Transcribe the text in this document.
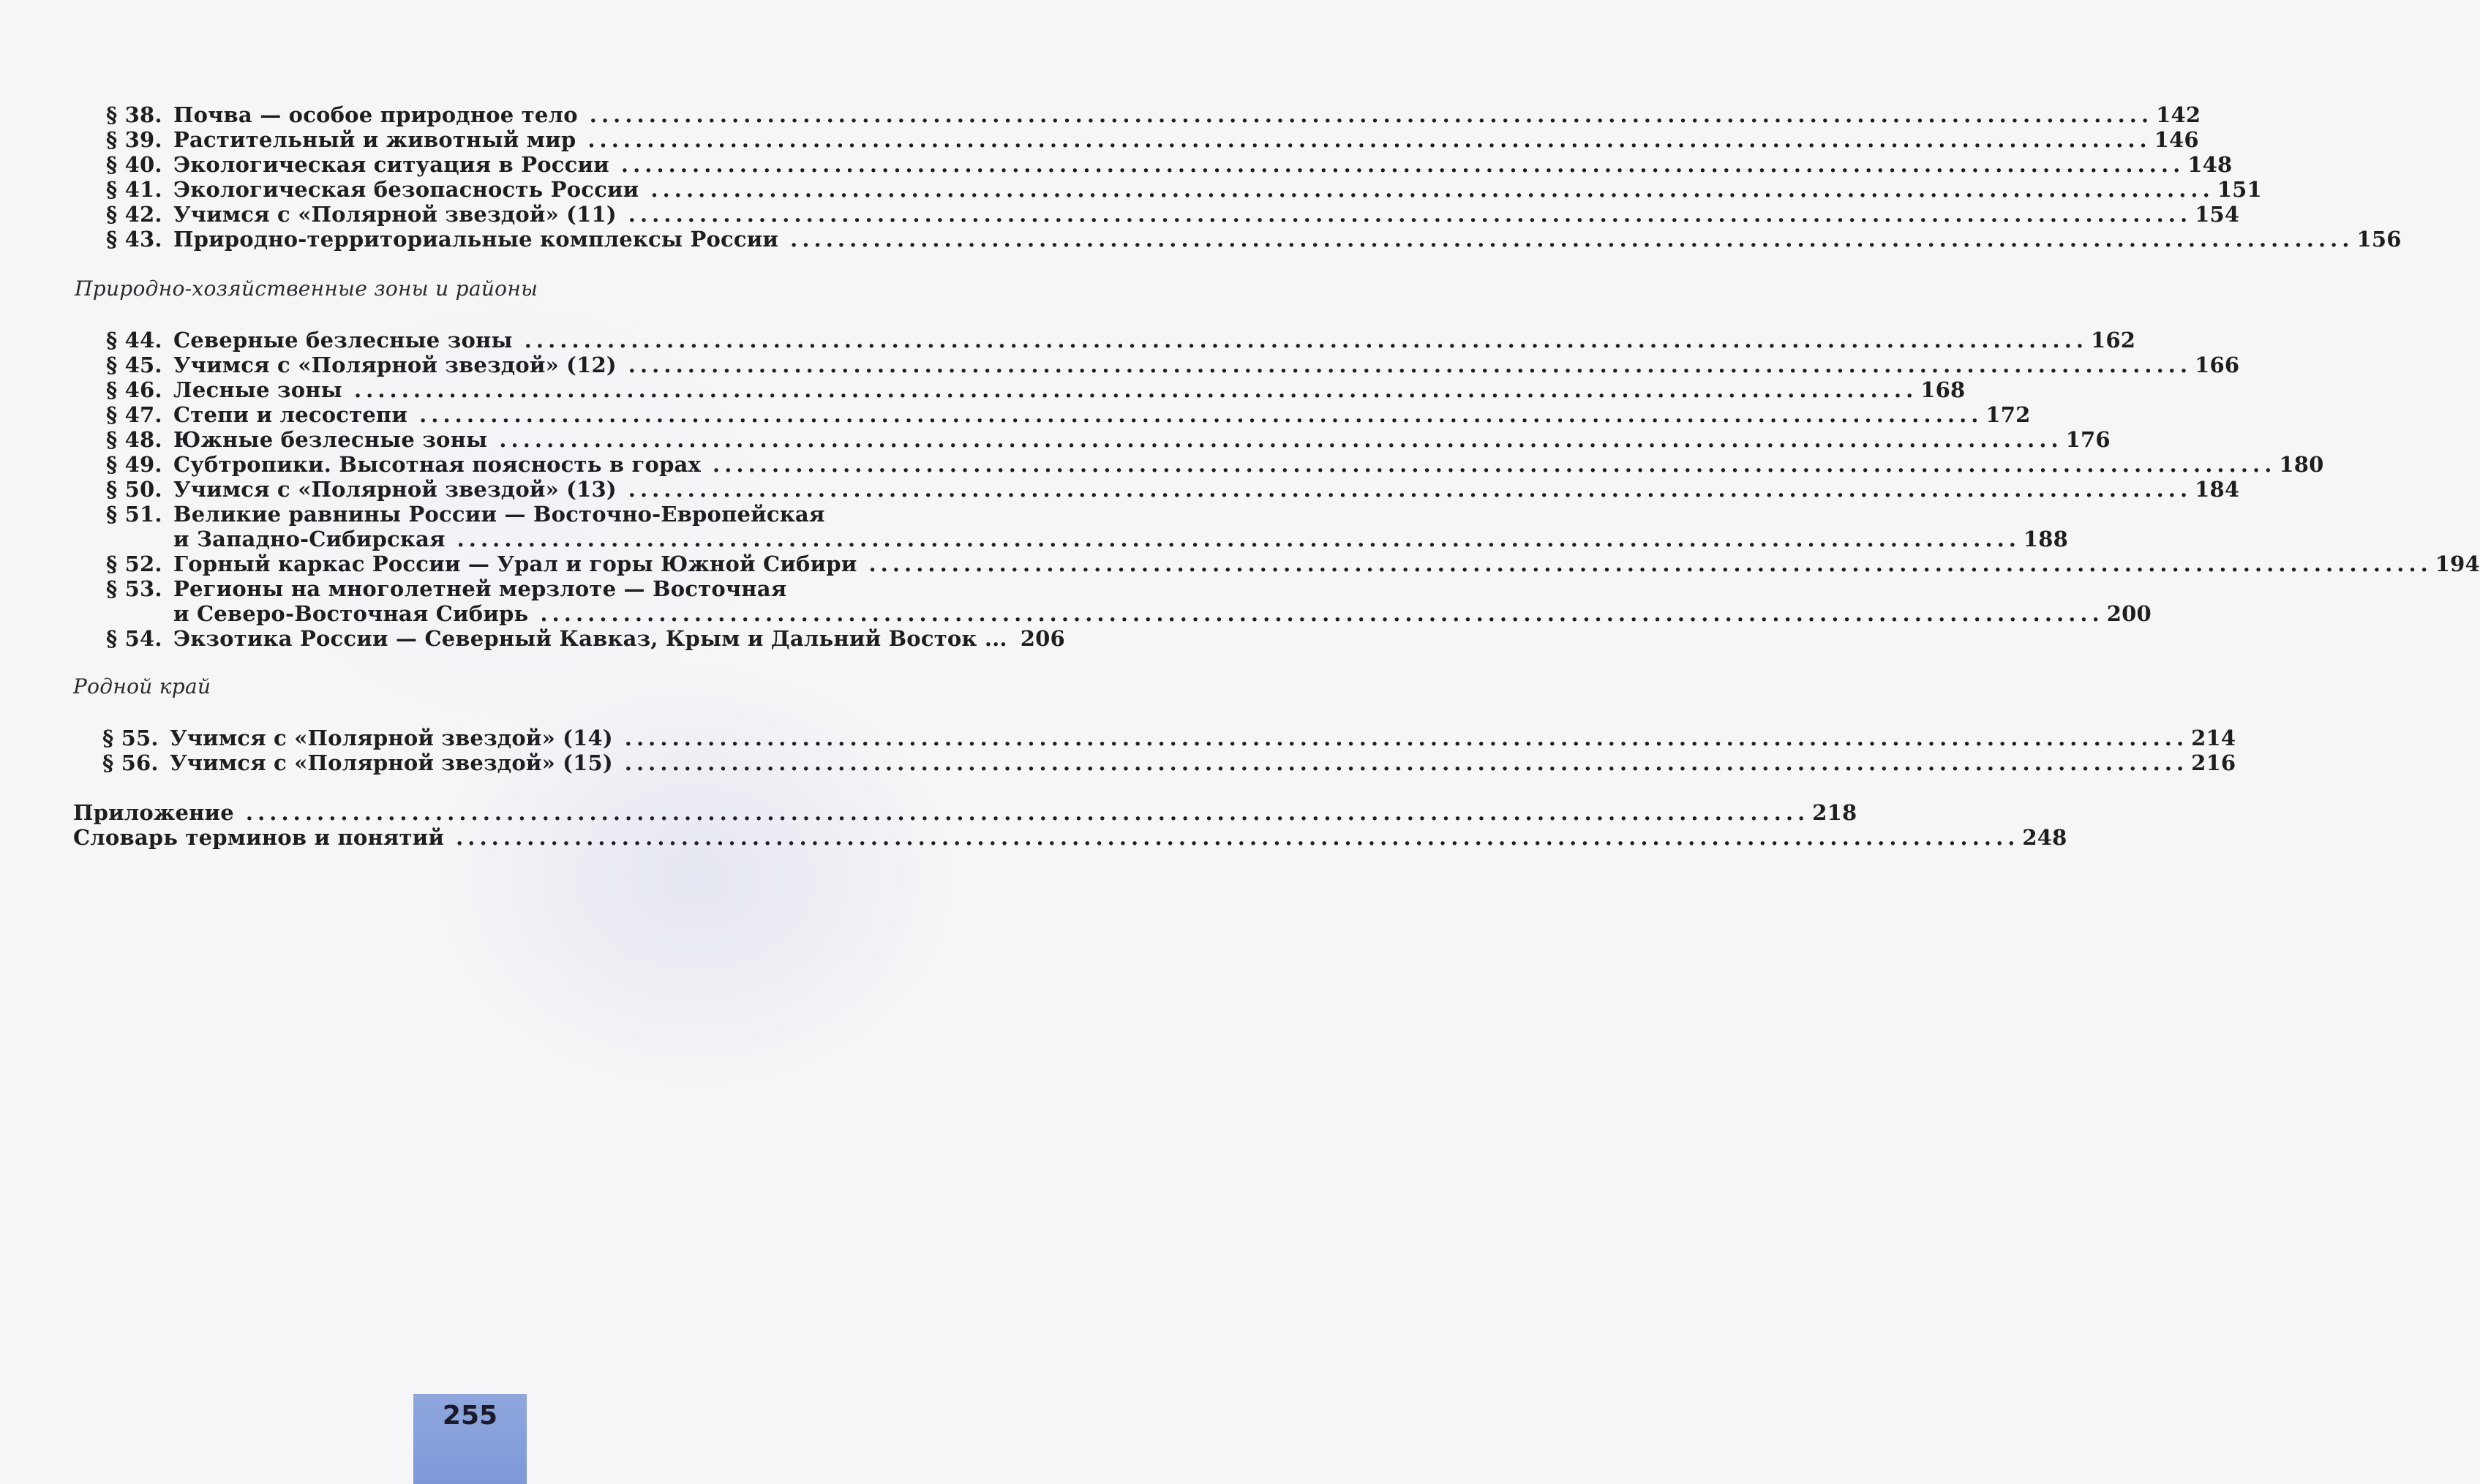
§ 38. Почва — особое природное тело . . .	142
§ 39. Растительный и животный мир . . .	146
§ 40. Экологическая ситуация в России . . .	148
§ 41. Экологическая безопасность России . . .	151
§ 42. Учимся с «Полярной звездой» (11) . . .	154
§ 43. Природно-территориальные комплексы России . . .	156
Природно-хозяйственные зоны и районы
§ 44. Северные безлесные зоны . . .	162
§ 45. Учимся с «Полярной звездой» (12) . . .	166
§ 46. Лесные зоны . . .	168
§ 47. Степи и лесостепи . . .	172
§ 48. Южные безлесные зоны . . .	176
§ 49. Субтропики. Высотная поясность в горах . . .	180
§ 50. Учимся с «Полярной звездой» (13) . . .	184
§ 51. Великие равнины России — Восточно-Европейская
и Западно-Сибирская . . .	188
§ 52. Горный каркас России — Урал и горы Южной Сибири . . .	194
§ 53. Регионы на многолетней мерзлоте — Восточная
и Северо-Восточная Сибирь . . .	200
§ 54. Экзотика России — Северный Кавказ, Крым и Дальний Восток ... 206
Родной край
§ 55. Учимся с «Полярной звездой» (14) . . .	214
§ 56. Учимся с «Полярной звездой» (15) . . .	216
Приложение . . .	218
Словарь терминов и понятий . . .	248
255
